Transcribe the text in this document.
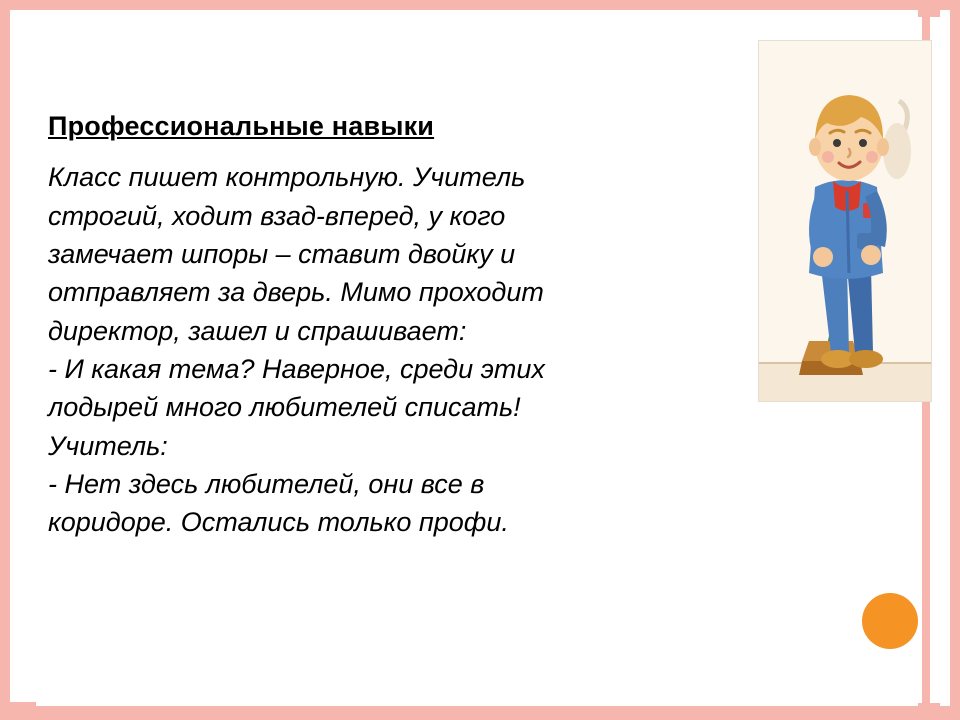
Профессиональные навыки
Класс пишет контрольную. Учитель
строгий, ходит взад-вперед, у кого
замечает шпоры – ставит двойку и
отправляет за дверь. Мимо проходит
директор, зашел и спрашивает:
- И какая тема? Наверное, среди этих
лодырей много любителей списать!
Учитель:
- Нет здесь любителей, они все в
коридоре. Остались только профи.
